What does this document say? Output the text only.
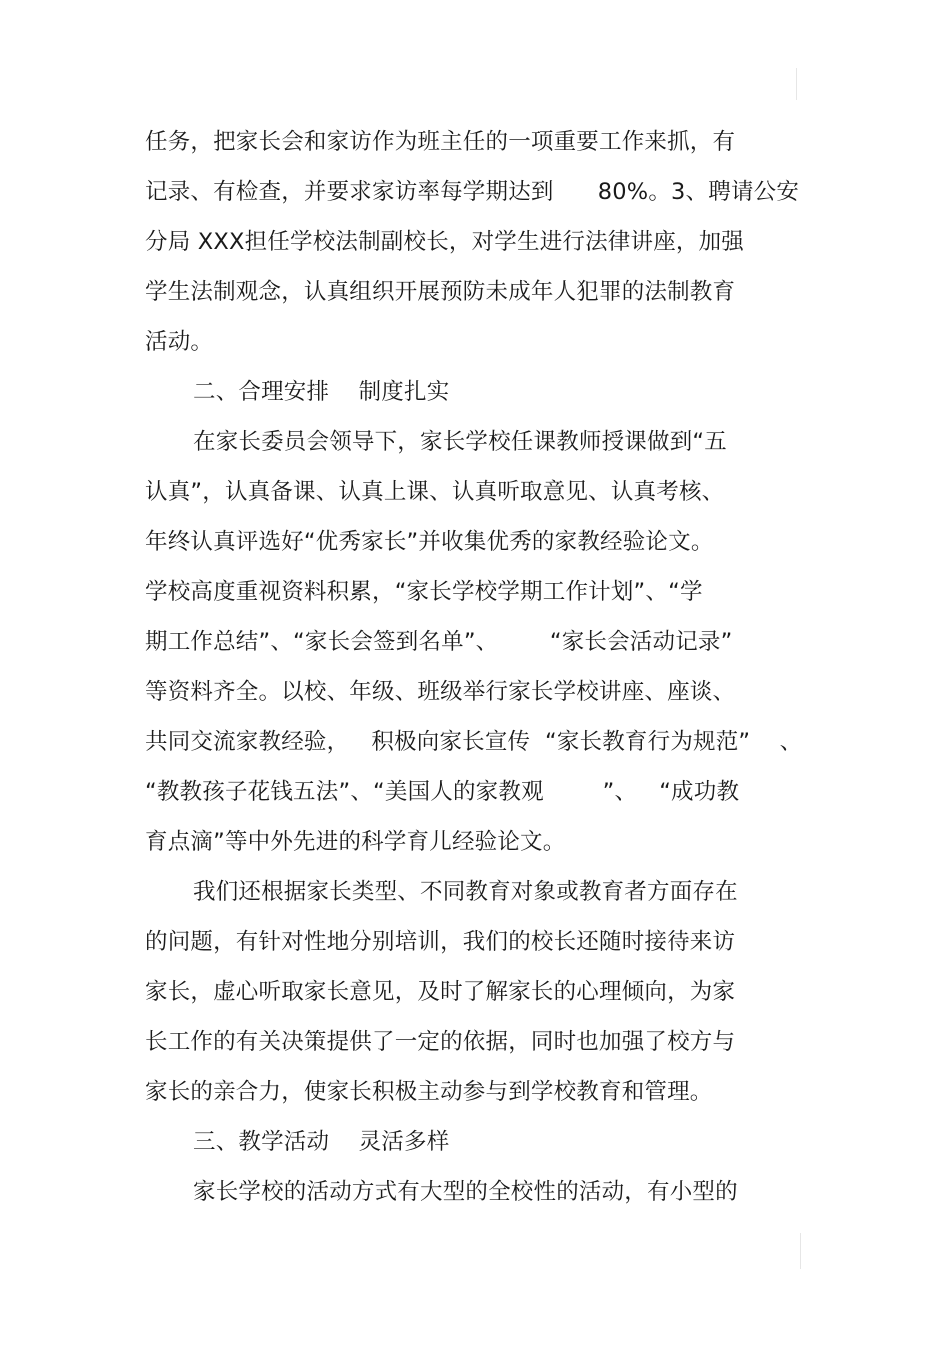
任务，把家长会和家访作为班主任的一项重要工作来抓，有
记录、有检查，并要求家访率每学期达到      80%。3、聘请公安
分局 XXX担任学校法制副校长，对学生进行法律讲座，加强
学生法制观念，认真组织开展预防未成年人犯罪的法制教育
活动。
二、合理安排    制度扎实
在家长委员会领导下，家长学校任课教师授课做到“五
认真”，认真备课、认真上课、认真听取意见、认真考核、
年终认真评选好“优秀家长”并收集优秀的家教经验论文。
学校高度重视资料积累，“家长学校学期工作计划”、“学
期工作总结”、“家长会签到名单”、       “家长会活动记录”
等资料齐全。以校、年级、班级举行家长学校讲座、座谈、
共同交流家教经验，   积极向家长宣传  “家长教育行为规范”    、
“教教孩子花钱五法”、“美国人的家教观        ”、   “成功教
育点滴”等中外先进的科学育儿经验论文。
我们还根据家长类型、不同教育对象或教育者方面存在
的问题，有针对性地分别培训，我们的校长还随时接待来访
家长，虚心听取家长意见，及时了解家长的心理倾向，为家
长工作的有关决策提供了一定的依据，同时也加强了校方与
家长的亲合力，使家长积极主动参与到学校教育和管理。
三、教学活动    灵活多样
家长学校的活动方式有大型的全校性的活动，有小型的
